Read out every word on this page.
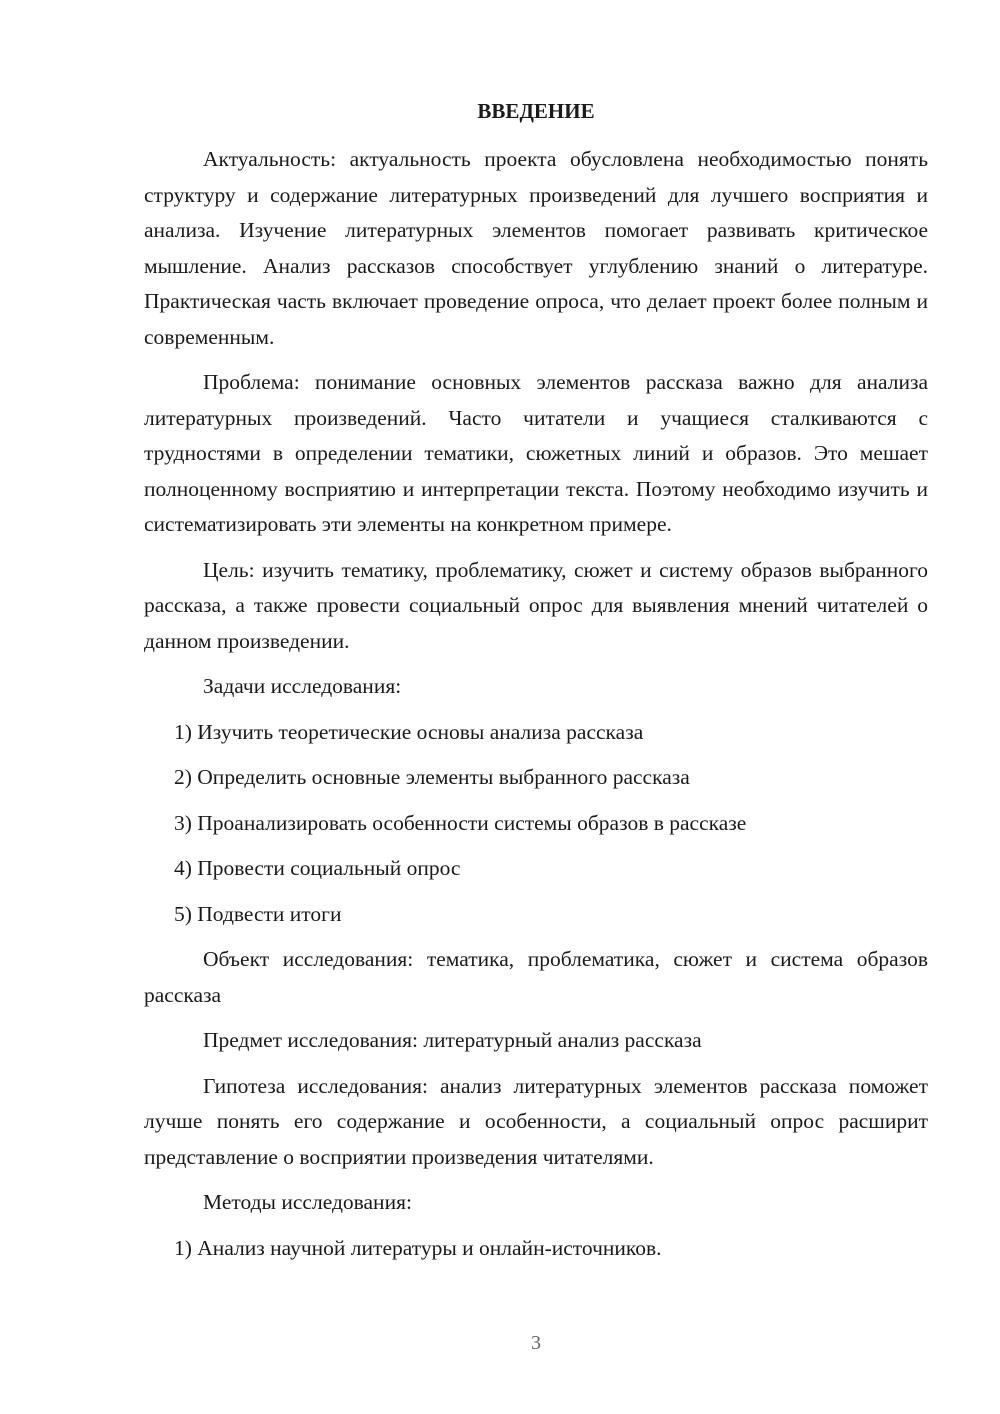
ВВЕДЕНИЕ

Актуальность: актуальность проекта обусловлена необходимостью понять структуру и содержание литературных произведений для лучшего восприятия и анализа. Изучение литературных элементов помогает развивать критическое мышление. Анализ рассказов способствует углублению знаний о литературе. Практическая часть включает проведение опроса, что делает проект более полным и современным.

Проблема: понимание основных элементов рассказа важно для анализа литературных произведений. Часто читатели и учащиеся сталкиваются с трудностями в определении тематики, сюжетных линий и образов. Это мешает полноценному восприятию и интерпретации текста. Поэтому необходимо изучить и систематизировать эти элементы на конкретном примере.

Цель: изучить тематику, проблематику, сюжет и систему образов выбранного рассказа, а также провести социальный опрос для выявления мнений читателей о данном произведении.

Задачи исследования:

1) Изучить теоретические основы анализа рассказа

2) Определить основные элементы выбранного рассказа

3) Проанализировать особенности системы образов в рассказе

4) Провести социальный опрос

5) Подвести итоги

Объект исследования: тематика, проблематика, сюжет и система образов рассказа

Предмет исследования: литературный анализ рассказа

Гипотеза исследования: анализ литературных элементов рассказа поможет лучше понять его содержание и особенности, а социальный опрос расширит представление о восприятии произведения читателями.

Методы исследования:

1) Анализ научной литературы и онлайн-источников.

3
